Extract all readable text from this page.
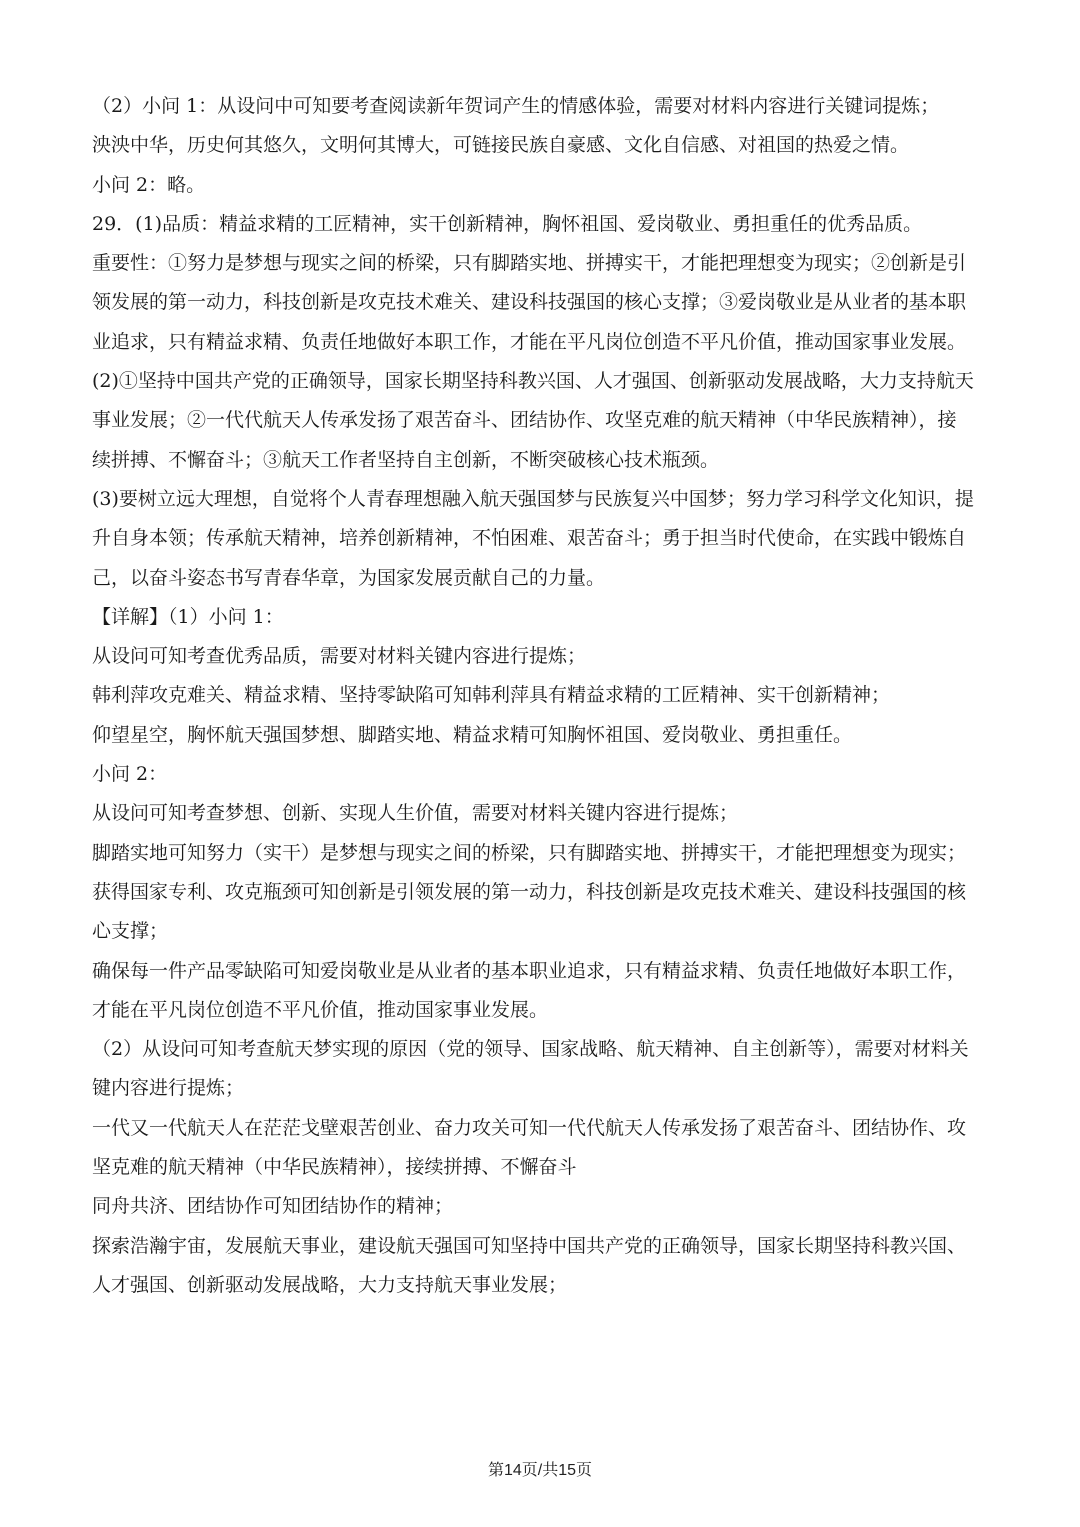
（2）小问 1：从设问中可知要考查阅读新年贺词产生的情感体验，需要对材料内容进行关键词提炼；
泱泱中华，历史何其悠久，文明何其博大，可链接民族自豪感、文化自信感、对祖国的热爱之情。
小问 2：略。
29．(1)品质：精益求精的工匠精神，实干创新精神，胸怀祖国、爱岗敬业、勇担重任的优秀品质。
重要性：①努力是梦想与现实之间的桥梁，只有脚踏实地、拼搏实干，才能把理想变为现实；②创新是引
领发展的第一动力，科技创新是攻克技术难关、建设科技强国的核心支撑；③爱岗敬业是从业者的基本职
业追求，只有精益求精、负责任地做好本职工作，才能在平凡岗位创造不平凡价值，推动国家事业发展。
(2)①坚持中国共产党的正确领导，国家长期坚持科教兴国、人才强国、创新驱动发展战略，大力支持航天
事业发展；②一代代航天人传承发扬了艰苦奋斗、团结协作、攻坚克难的航天精神（中华民族精神），接
续拼搏、不懈奋斗；③航天工作者坚持自主创新，不断突破核心技术瓶颈。
(3)要树立远大理想，自觉将个人青春理想融入航天强国梦与民族复兴中国梦；努力学习科学文化知识，提
升自身本领；传承航天精神，培养创新精神，不怕困难、艰苦奋斗；勇于担当时代使命，在实践中锻炼自
己，以奋斗姿态书写青春华章，为国家发展贡献自己的力量。
【详解】（1）小问 1：
从设问可知考查优秀品质，需要对材料关键内容进行提炼；
韩利萍攻克难关、精益求精、坚持零缺陷可知韩利萍具有精益求精的工匠精神、实干创新精神；
仰望星空，胸怀航天强国梦想、脚踏实地、精益求精可知胸怀祖国、爱岗敬业、勇担重任。
小问 2：
从设问可知考查梦想、创新、实现人生价值，需要对材料关键内容进行提炼；
脚踏实地可知努力（实干）是梦想与现实之间的桥梁，只有脚踏实地、拼搏实干，才能把理想变为现实；
获得国家专利、攻克瓶颈可知创新是引领发展的第一动力，科技创新是攻克技术难关、建设科技强国的核
心支撑；
确保每一件产品零缺陷可知爱岗敬业是从业者的基本职业追求，只有精益求精、负责任地做好本职工作，
才能在平凡岗位创造不平凡价值，推动国家事业发展。
（2）从设问可知考查航天梦实现的原因（党的领导、国家战略、航天精神、自主创新等），需要对材料关
键内容进行提炼；
一代又一代航天人在茫茫戈壁艰苦创业、奋力攻关可知一代代航天人传承发扬了艰苦奋斗、团结协作、攻
坚克难的航天精神（中华民族精神），接续拼搏、不懈奋斗
同舟共济、团结协作可知团结协作的精神；
探索浩瀚宇宙，发展航天事业，建设航天强国可知坚持中国共产党的正确领导，国家长期坚持科教兴国、
人才强国、创新驱动发展战略，大力支持航天事业发展；
第14页/共15页
